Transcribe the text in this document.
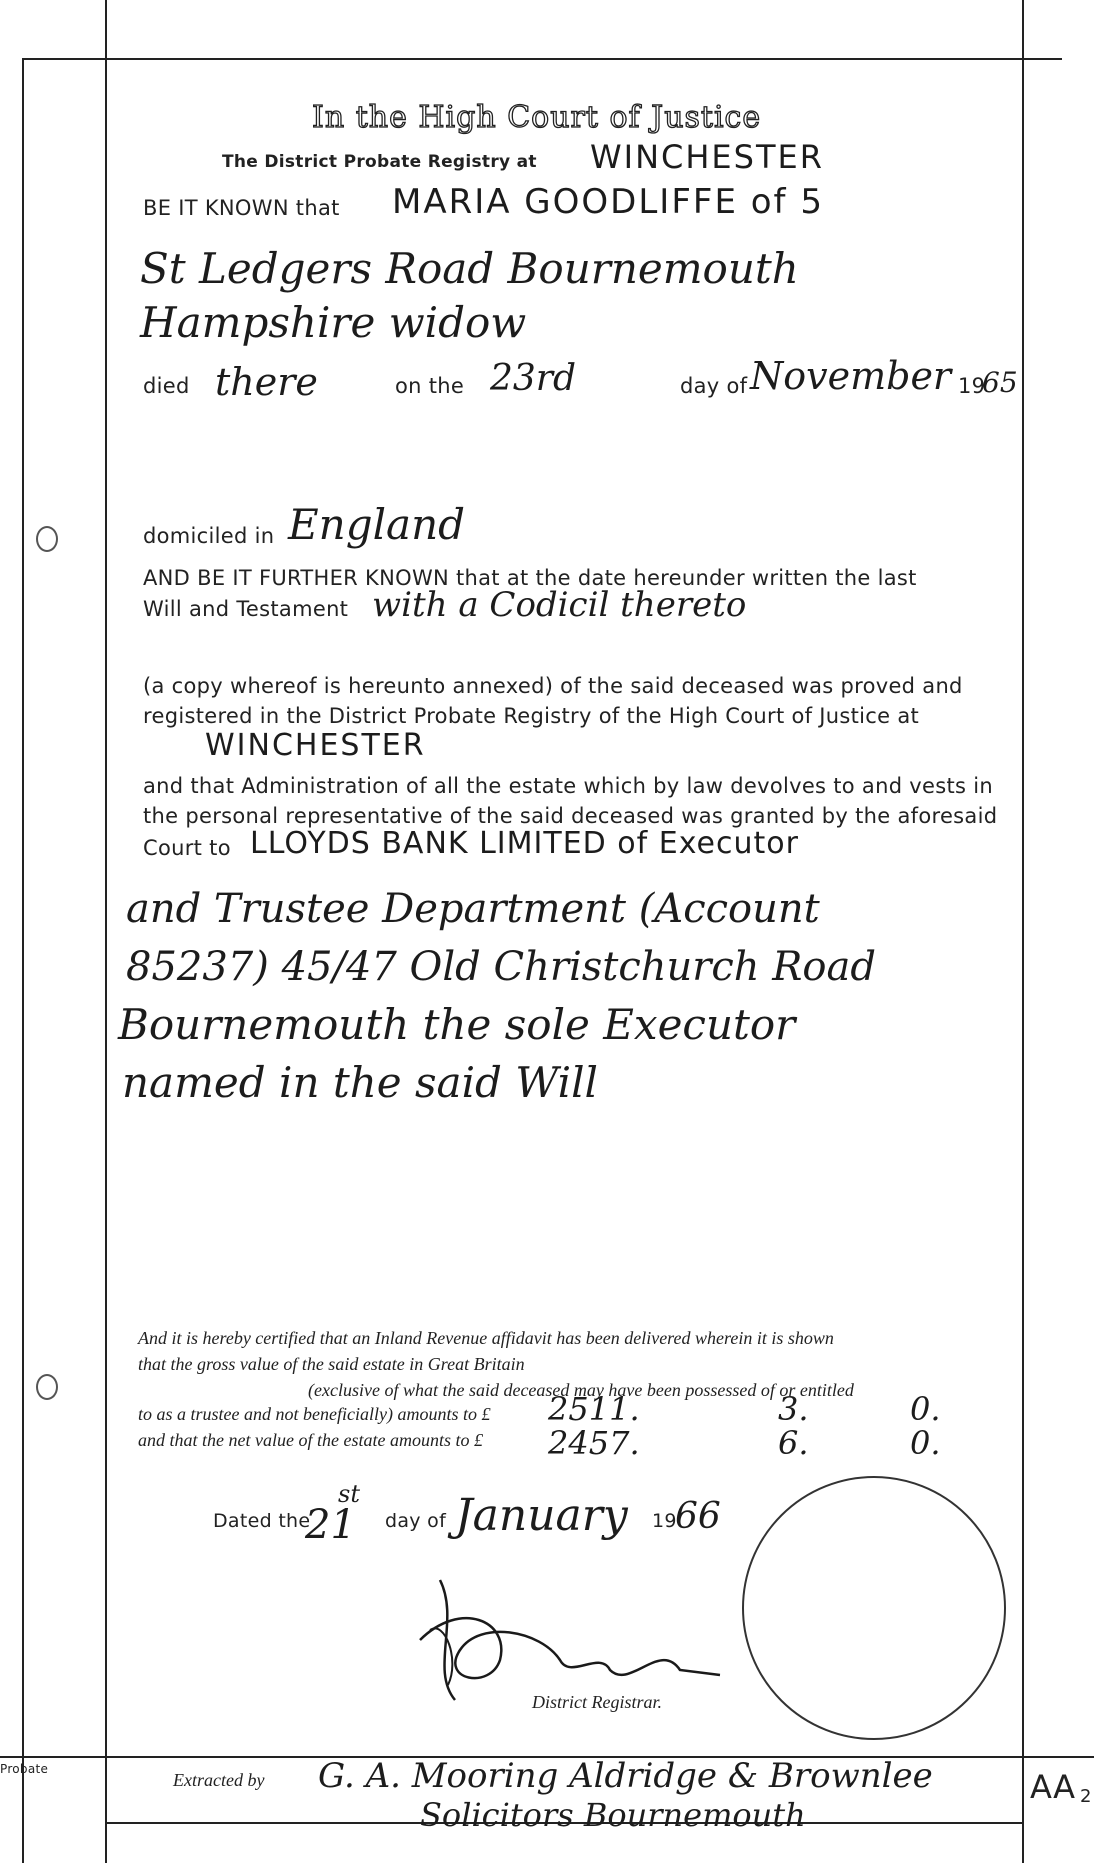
In the High Court of Justice
The District Probate Registry at WINCHESTER
BE IT KNOWN that MARIA GOODLIFFE of 5
St Ledgers Road Bournemouth
Hampshire widow
died there	on the 23rd	day of November 19
65
domiciled in England
AND BE IT FURTHER KNOWN that at the date hereunder written the last
Will and Testament with a Codicil thereto
(a copy whereof is hereunto annexed) of the said deceased was proved and
registered in the District Probate Registry of the High Court of Justice at
WINCHESTER
and that Administration of all the estate which by law devolves to and vests in
the personal representative of the said deceased was granted by the aforesaid
Court to LLOYDS BANK LIMITED of Executor
and Trustee Department (Account
85237) 45/47 Old Christchurch Road
Bournemouth the sole Executor
named in the said Will
And it is hereby certified that an Inland Revenue affidavit has been delivered wherein it is shown
that the gross value of the said estate in Great Britain
(exclusive of what the said deceased may have been possessed of or entitled
to as a trustee and not beneficially) amounts to £ 2511.	3.	0.
and that the net value of the estate amounts to £ 2457.	6.	0.
Dated the
21
st
day of January 19
66
District Registrar.
Probate
Extracted by G. A. Mooring Aldridge & Brownlee
Solicitors Bournemouth
AA 2
